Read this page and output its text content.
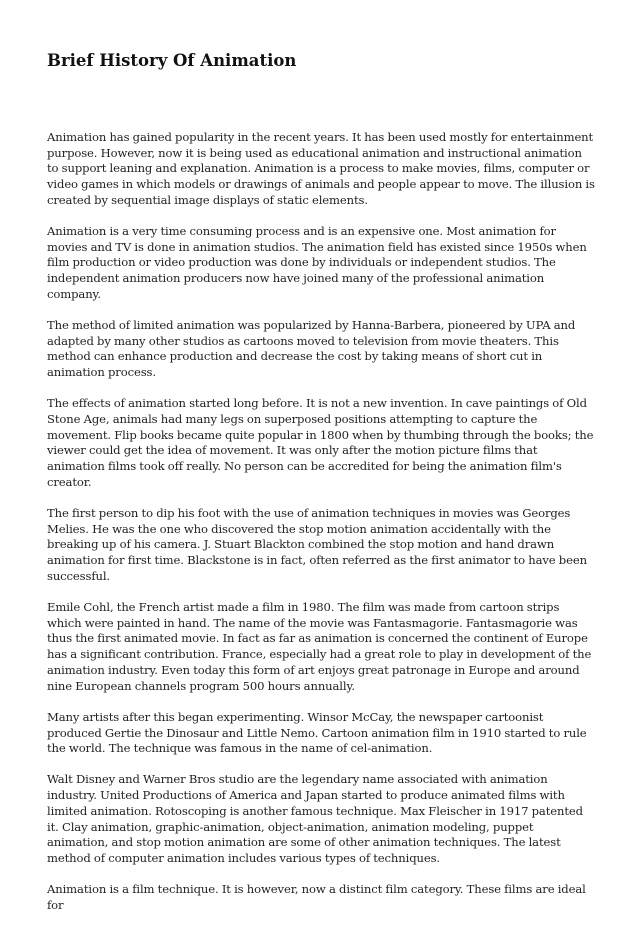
Brief History Of Animation

Animation has gained popularity in the recent years. It has been used mostly for entertainment purpose. However, now it is being used as educational animation and instructional animation to support leaning and explanation. Animation is a process to make movies, films, computer or video games in which models or drawings of animals and people appear to move. The illusion is created by sequential image displays of static elements.

Animation is a very time consuming process and is an expensive one. Most animation for movies and TV is done in animation studios. The animation field has existed since 1950s when film production or video production was done by individuals or independent studios. The independent animation producers now have joined many of the professional animation company.

The method of limited animation was popularized by Hanna-Barbera, pioneered by UPA and adapted by many other studios as cartoons moved to television from movie theaters. This method can enhance production and decrease the cost by taking means of short cut in animation process.

The effects of animation started long before. It is not a new invention. In cave paintings of Old Stone Age, animals had many legs on superposed positions attempting to capture the movement. Flip books became quite popular in 1800 when by thumbing through the books; the viewer could get the idea of movement. It was only after the motion picture films that animation films took off really. No person can be accredited for being the animation film's creator.

The first person to dip his foot with the use of animation techniques in movies was Georges Melies. He was the one who discovered the stop motion animation accidentally with the breaking up of his camera. J. Stuart Blackton combined the stop motion and hand drawn animation for first time. Blackstone is in fact, often referred as the first animator to have been successful.

Emile Cohl, the French artist made a film in 1980. The film was made from cartoon strips which were painted in hand. The name of the movie was Fantasmagorie. Fantasmagorie was thus the first animated movie. In fact as far as animation is concerned the continent of Europe has a significant contribution. France, especially had a great role to play in development of the animation industry. Even today this form of art enjoys great patronage in Europe and around nine European channels program 500 hours annually.

Many artists after this began experimenting. Winsor McCay, the newspaper cartoonist produced Gertie the Dinosaur and Little Nemo. Cartoon animation film in 1910 started to rule the world. The technique was famous in the name of cel-animation.

Walt Disney and Warner Bros studio are the legendary name associated with animation industry. United Productions of America and Japan started to produce animated films with limited animation. Rotoscoping is another famous technique. Max Fleischer in 1917 patented it. Clay animation, graphic-animation, object-animation, animation modeling, puppet animation, and stop motion animation are some of other animation techniques. The latest method of computer animation includes various types of techniques.

Animation is a film technique. It is however, now a distinct film category. These films are ideal for
